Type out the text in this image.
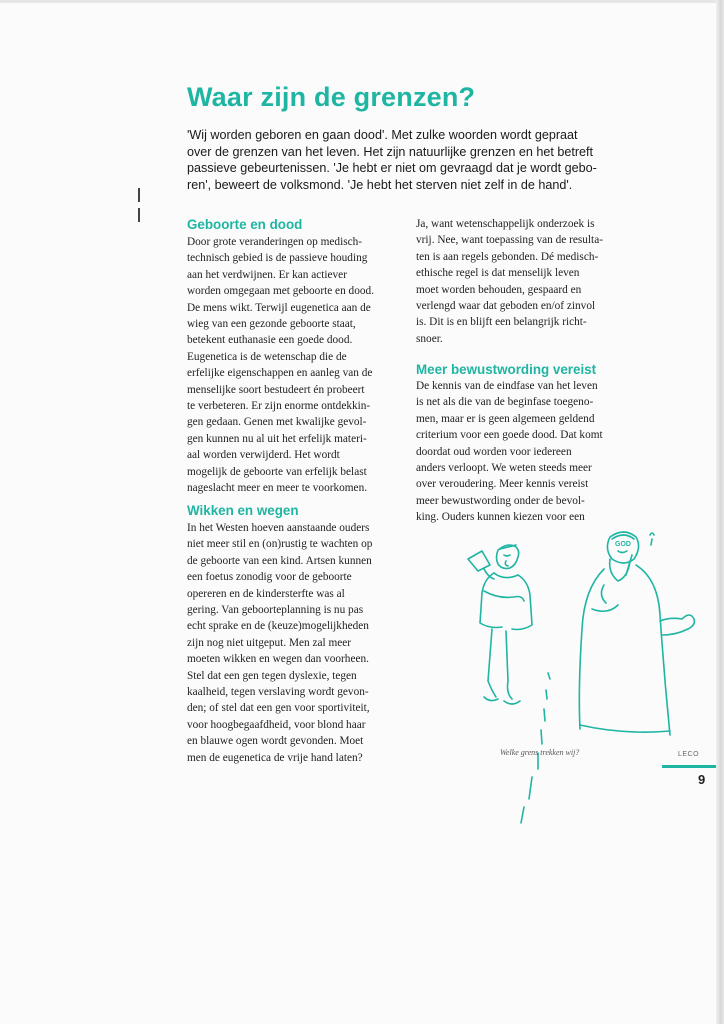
Waar zijn de grenzen?
'Wij worden geboren en gaan dood'. Met zulke woorden wordt gepraat
over de grenzen van het leven. Het zijn natuurlijke grenzen en het betreft
passieve gebeurtenissen. 'Je hebt er niet om gevraagd dat je wordt gebo-
ren', beweert de volksmond. 'Je hebt het sterven niet zelf in de hand'.
Geboorte en dood
Door grote veranderingen op medisch-
technisch gebied is de passieve houding
aan het verdwijnen. Er kan actiever
worden omgegaan met geboorte en dood.
De mens wikt. Terwijl eugenetica aan de
wieg van een gezonde geboorte staat,
betekent euthanasie een goede dood.
Eugenetica is de wetenschap die de
erfelijke eigenschappen en aanleg van de
menselijke soort bestudeert én probeert
te verbeteren. Er zijn enorme ontdekkin-
gen gedaan. Genen met kwalijke gevol-
gen kunnen nu al uit het erfelijk materi-
aal worden verwijderd. Het wordt
mogelijk de geboorte van erfelijk belast
nageslacht meer en meer te voorkomen.
Wikken en wegen
In het Westen hoeven aanstaande ouders
niet meer stil en (on)rustig te wachten op
de geboorte van een kind. Artsen kunnen
een foetus zonodig voor de geboorte
opereren en de kindersterfte was al
gering. Van geboorteplanning is nu pas
echt sprake en de (keuze)mogelijkheden
zijn nog niet uitgeput. Men zal meer
moeten wikken en wegen dan voorheen.
Stel dat een gen tegen dyslexie, tegen
kaalheid, tegen verslaving wordt gevon-
den; of stel dat een gen voor sportiviteit,
voor hoogbegaafdheid, voor blond haar
en blauwe ogen wordt gevonden. Moet
men de eugenetica de vrije hand laten?
Ja, want wetenschappelijk onderzoek is
vrij. Nee, want toepassing van de resulta-
ten is aan regels gebonden. Dé medisch-
ethische regel is dat menselijk leven
moet worden behouden, gespaard en
verlengd waar dat geboden en/of zinvol
is. Dit is en blijft een belangrijk richt-
snoer.
Meer bewustwording vereist
De kennis van de eindfase van het leven
is net als die van de beginfase toegeno-
men, maar er is geen algemeen geldend
criterium voor een goede dood. Dat komt
doordat oud worden voor iedereen
anders verloopt. We weten steeds meer
over veroudering. Meer kennis vereist
meer bewustwording onder de bevol-
king. Ouders kunnen kiezen voor een
GOD
Welke grens trekken wij?	LECO
9
